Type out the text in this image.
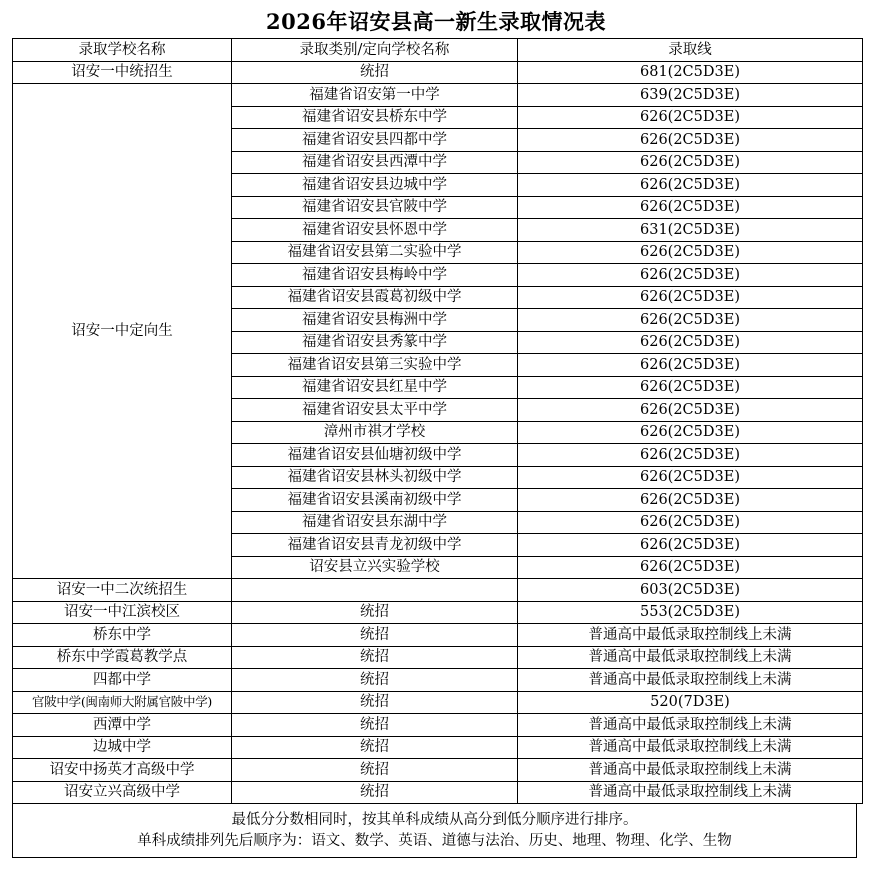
2026年诏安县高一新生录取情况表
录取学校名称	录取类别/定向学校名称	录取线
诏安一中统招生	统招	681(2C5D3E)
诏安一中定向生	福建省诏安第一中学	639(2C5D3E)
	福建省诏安县桥东中学	626(2C5D3E)
	福建省诏安县四都中学	626(2C5D3E)
	福建省诏安县西潭中学	626(2C5D3E)
	福建省诏安县边城中学	626(2C5D3E)
	福建省诏安县官陂中学	626(2C5D3E)
	福建省诏安县怀恩中学	631(2C5D3E)
	福建省诏安县第二实验中学	626(2C5D3E)
	福建省诏安县梅岭中学	626(2C5D3E)
	福建省诏安县霞葛初级中学	626(2C5D3E)
	福建省诏安县梅洲中学	626(2C5D3E)
	福建省诏安县秀篆中学	626(2C5D3E)
	福建省诏安县第三实验中学	626(2C5D3E)
	福建省诏安县红星中学	626(2C5D3E)
	福建省诏安县太平中学	626(2C5D3E)
	漳州市祺才学校	626(2C5D3E)
	福建省诏安县仙塘初级中学	626(2C5D3E)
	福建省诏安县林头初级中学	626(2C5D3E)
	福建省诏安县溪南初级中学	626(2C5D3E)
	福建省诏安县东湖中学	626(2C5D3E)
	福建省诏安县青龙初级中学	626(2C5D3E)
	诏安县立兴实验学校	626(2C5D3E)
诏安一中二次统招生		603(2C5D3E)
诏安一中江滨校区	统招	553(2C5D3E)
桥东中学	统招	普通高中最低录取控制线上未满
桥东中学霞葛教学点	统招	普通高中最低录取控制线上未满
四都中学	统招	普通高中最低录取控制线上未满
官陂中学(闽南师大附属官陂中学)	统招	520(7D3E)
西潭中学	统招	普通高中最低录取控制线上未满
边城中学	统招	普通高中最低录取控制线上未满
诏安中扬英才高级中学	统招	普通高中最低录取控制线上未满
诏安立兴高级中学	统招	普通高中最低录取控制线上未满
最低分分数相同时，按其单科成绩从高分到低分顺序进行排序。
单科成绩排列先后顺序为：语文、数学、英语、道德与法治、历史、地理、物理、化学、生物
